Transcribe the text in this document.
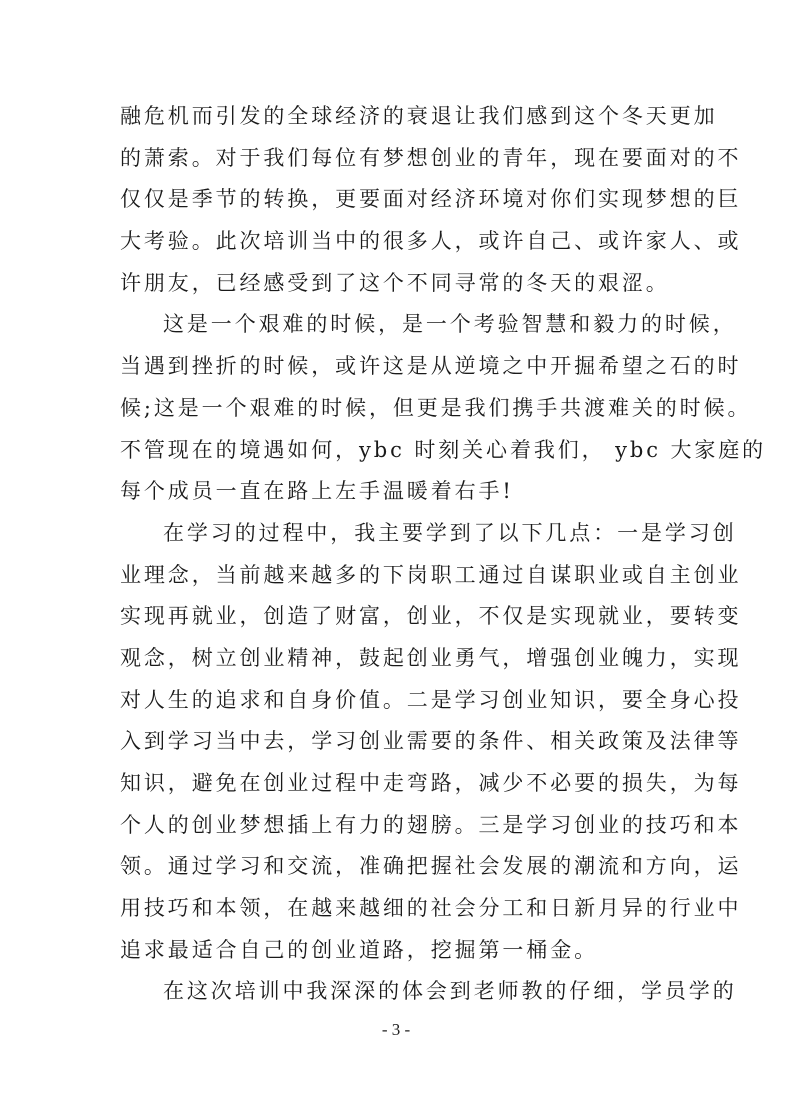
融危机而引发的全球经济的衰退让我们感到这个冬天更加
的萧索。对于我们每位有梦想创业的青年，现在要面对的不
仅仅是季节的转换，更要面对经济环境对你们实现梦想的巨
大考验。此次培训当中的很多人，或许自己、或许家人、或
许朋友，已经感受到了这个不同寻常的冬天的艰涩。
这是一个艰难的时候，是一个考验智慧和毅力的时候，
当遇到挫折的时候，或许这是从逆境之中开掘希望之石的时
候;这是一个艰难的时候，但更是我们携手共渡难关的时候。
不管现在的境遇如何，ybc 时刻关心着我们， ybc 大家庭的
每个成员一直在路上左手温暖着右手!
在学习的过程中，我主要学到了以下几点：一是学习创
业理念，当前越来越多的下岗职工通过自谋职业或自主创业
实现再就业，创造了财富，创业，不仅是实现就业，要转变
观念，树立创业精神，鼓起创业勇气，增强创业魄力，实现
对人生的追求和自身价值。二是学习创业知识，要全身心投
入到学习当中去，学习创业需要的条件、相关政策及法律等
知识，避免在创业过程中走弯路，减少不必要的损失，为每
个人的创业梦想插上有力的翅膀。三是学习创业的技巧和本
领。通过学习和交流，准确把握社会发展的潮流和方向，运
用技巧和本领，在越来越细的社会分工和日新月异的行业中
追求最适合自己的创业道路，挖掘第一桶金。
在这次培训中我深深的体会到老师教的仔细，学员学的
- 3 -
